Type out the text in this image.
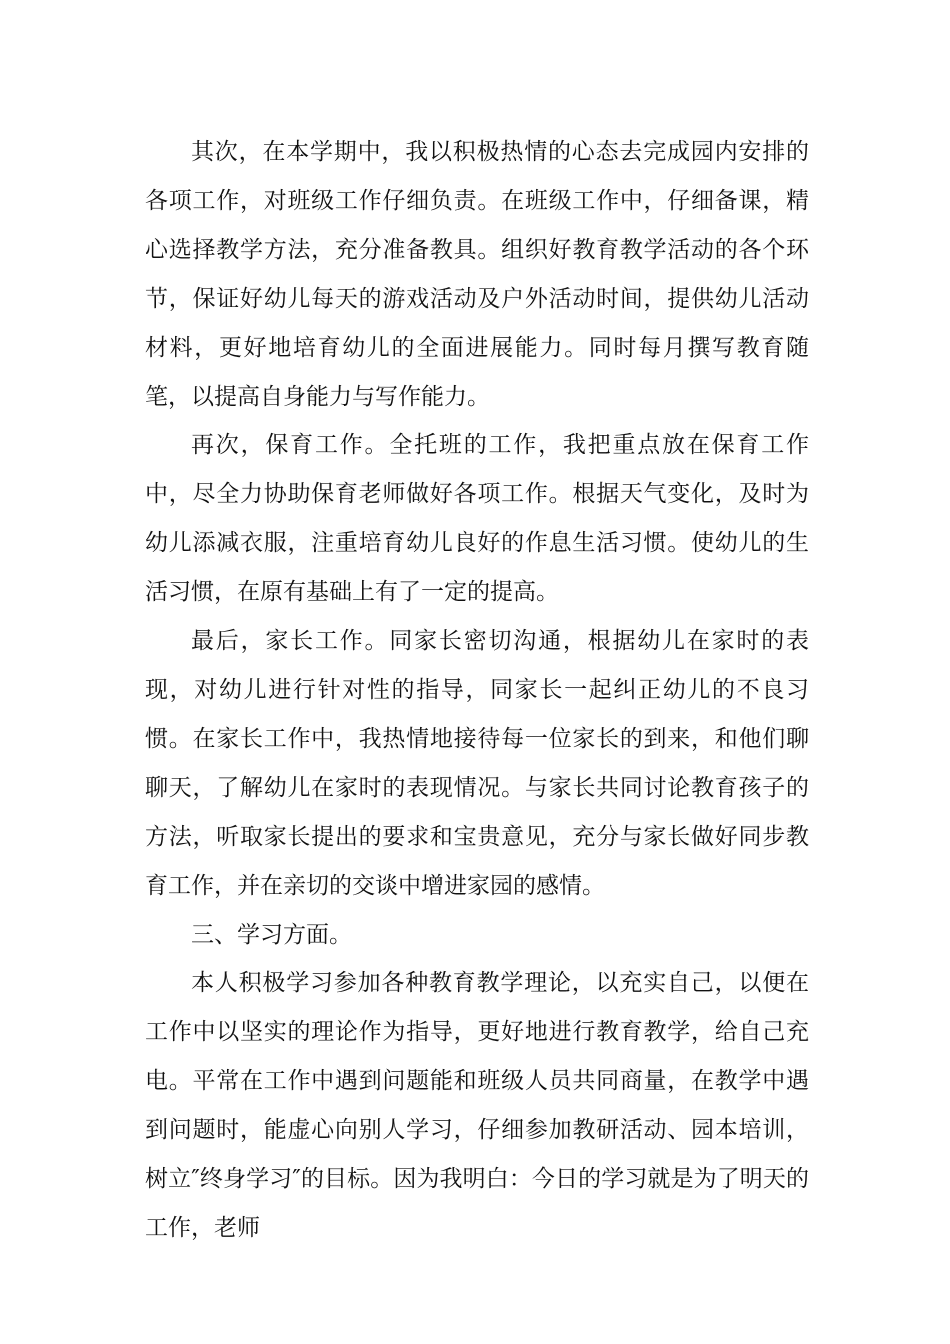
其次，在本学期中，我以积极热情的心态去完成园内安排的各项工作，对班级工作仔细负责。在班级工作中，仔细备课，精心选择教学方法，充分准备教具。组织好教育教学活动的各个环节，保证好幼儿每天的游戏活动及户外活动时间，提供幼儿活动材料，更好地培育幼儿的全面进展能力。同时每月撰写教育随笔，以提高自身能力与写作能力。

再次，保育工作。全托班的工作，我把重点放在保育工作中，尽全力协助保育老师做好各项工作。根据天气变化，及时为幼儿添减衣服，注重培育幼儿良好的作息生活习惯。使幼儿的生活习惯，在原有基础上有了一定的提高。

最后，家长工作。同家长密切沟通，根据幼儿在家时的表现，对幼儿进行针对性的指导，同家长一起纠正幼儿的不良习惯。在家长工作中，我热情地接待每一位家长的到来，和他们聊聊天，了解幼儿在家时的表现情况。与家长共同讨论教育孩子的方法，听取家长提出的要求和宝贵意见，充分与家长做好同步教育工作，并在亲切的交谈中增进家园的感情。

三、学习方面。

本人积极学习参加各种教育教学理论，以充实自己，以便在工作中以坚实的理论作为指导，更好地进行教育教学，给自己充电。平常在工作中遇到问题能和班级人员共同商量，在教学中遇到问题时，能虚心向别人学习，仔细参加教研活动、园本培训，树立″终身学习″的目标。因为我明白：今日的学习就是为了明天的工作，老师
